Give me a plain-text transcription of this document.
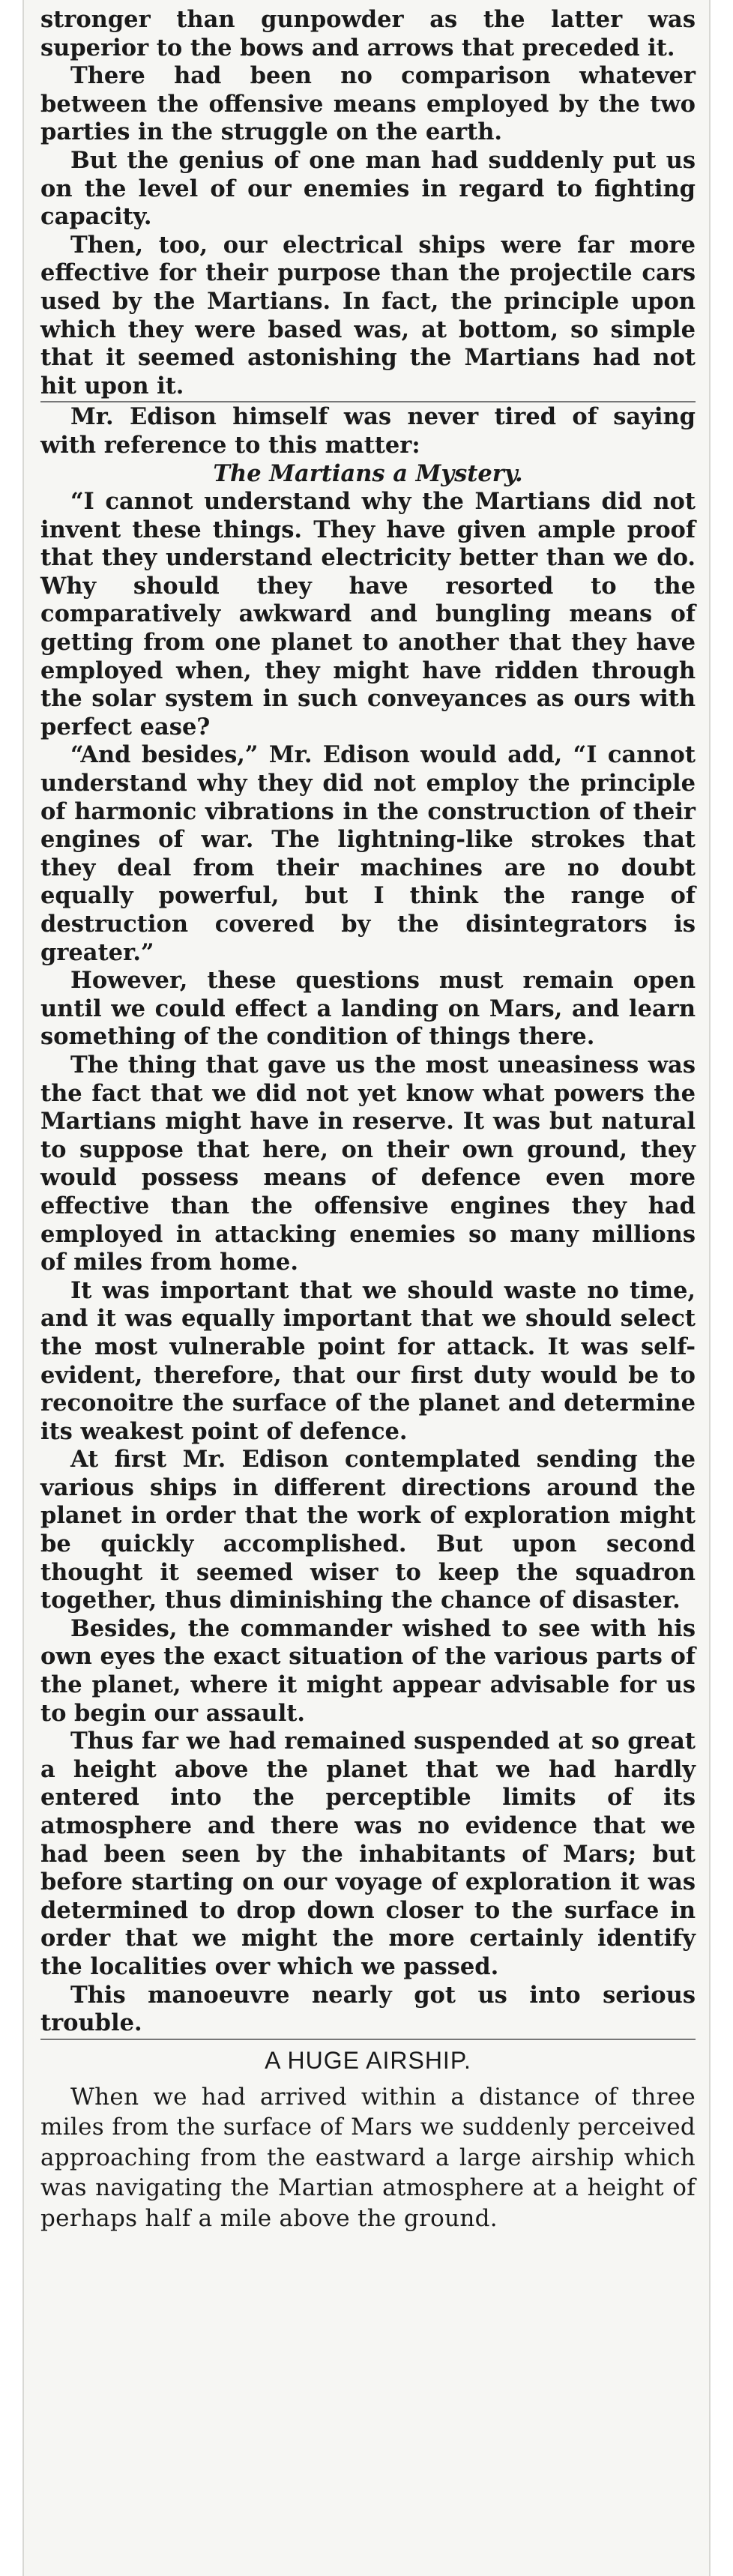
stronger than gunpowder as the latter was superior to the bows and arrows that preceded it.

There had been no comparison whatever between the offensive means employed by the two parties in the struggle on the earth.

But the genius of one man had suddenly put us on the level of our enemies in regard to fighting capacity.

Then, too, our electrical ships were far more effective for their purpose than the projectile cars used by the Martians. In fact, the principle upon which they were based was, at bottom, so simple that it seemed astonishing the Martians had not hit upon it.

Mr. Edison himself was never tired of saying with reference to this matter:

The Martians a Mystery.

“I cannot understand why the Martians did not invent these things. They have given ample proof that they understand electricity better than we do. Why should they have resorted to the comparatively awkward and bungling means of getting from one planet to another that they have employed when, they might have ridden through the solar system in such conveyances as ours with perfect ease?

“And besides,” Mr. Edison would add, “I cannot understand why they did not employ the principle of harmonic vibrations in the construction of their engines of war. The lightning-like strokes that they deal from their machines are no doubt equally powerful, but I think the range of destruction covered by the disintegrators is greater.”

However, these questions must remain open until we could effect a landing on Mars, and learn something of the condition of things there.

The thing that gave us the most uneasiness was the fact that we did not yet know what powers the Martians might have in reserve. It was but natural to suppose that here, on their own ground, they would possess means of defence even more effective than the offensive engines they had employed in attacking enemies so many millions of miles from home.

It was important that we should waste no time, and it was equally important that we should select the most vulnerable point for attack. It was self-evident, therefore, that our first duty would be to reconoitre the surface of the planet and determine its weakest point of defence.

At first Mr. Edison contemplated sending the various ships in different directions around the planet in order that the work of exploration might be quickly accomplished. But upon second thought it seemed wiser to keep the squadron together, thus diminishing the chance of disaster.

Besides, the commander wished to see with his own eyes the exact situation of the various parts of the planet, where it might appear advisable for us to begin our assault.

Thus far we had remained suspended at so great a height above the planet that we had hardly entered into the perceptible limits of its atmosphere and there was no evidence that we had been seen by the inhabitants of Mars; but before starting on our voyage of exploration it was determined to drop down closer to the surface in order that we might the more certainly identify the localities over which we passed.

This manoeuvre nearly got us into serious trouble.

A HUGE AIRSHIP.

When we had arrived within a distance of three miles from the surface of Mars we suddenly perceived approaching from the eastward a large airship which was navigating the Martian atmosphere at a height of perhaps half a mile above the ground.
